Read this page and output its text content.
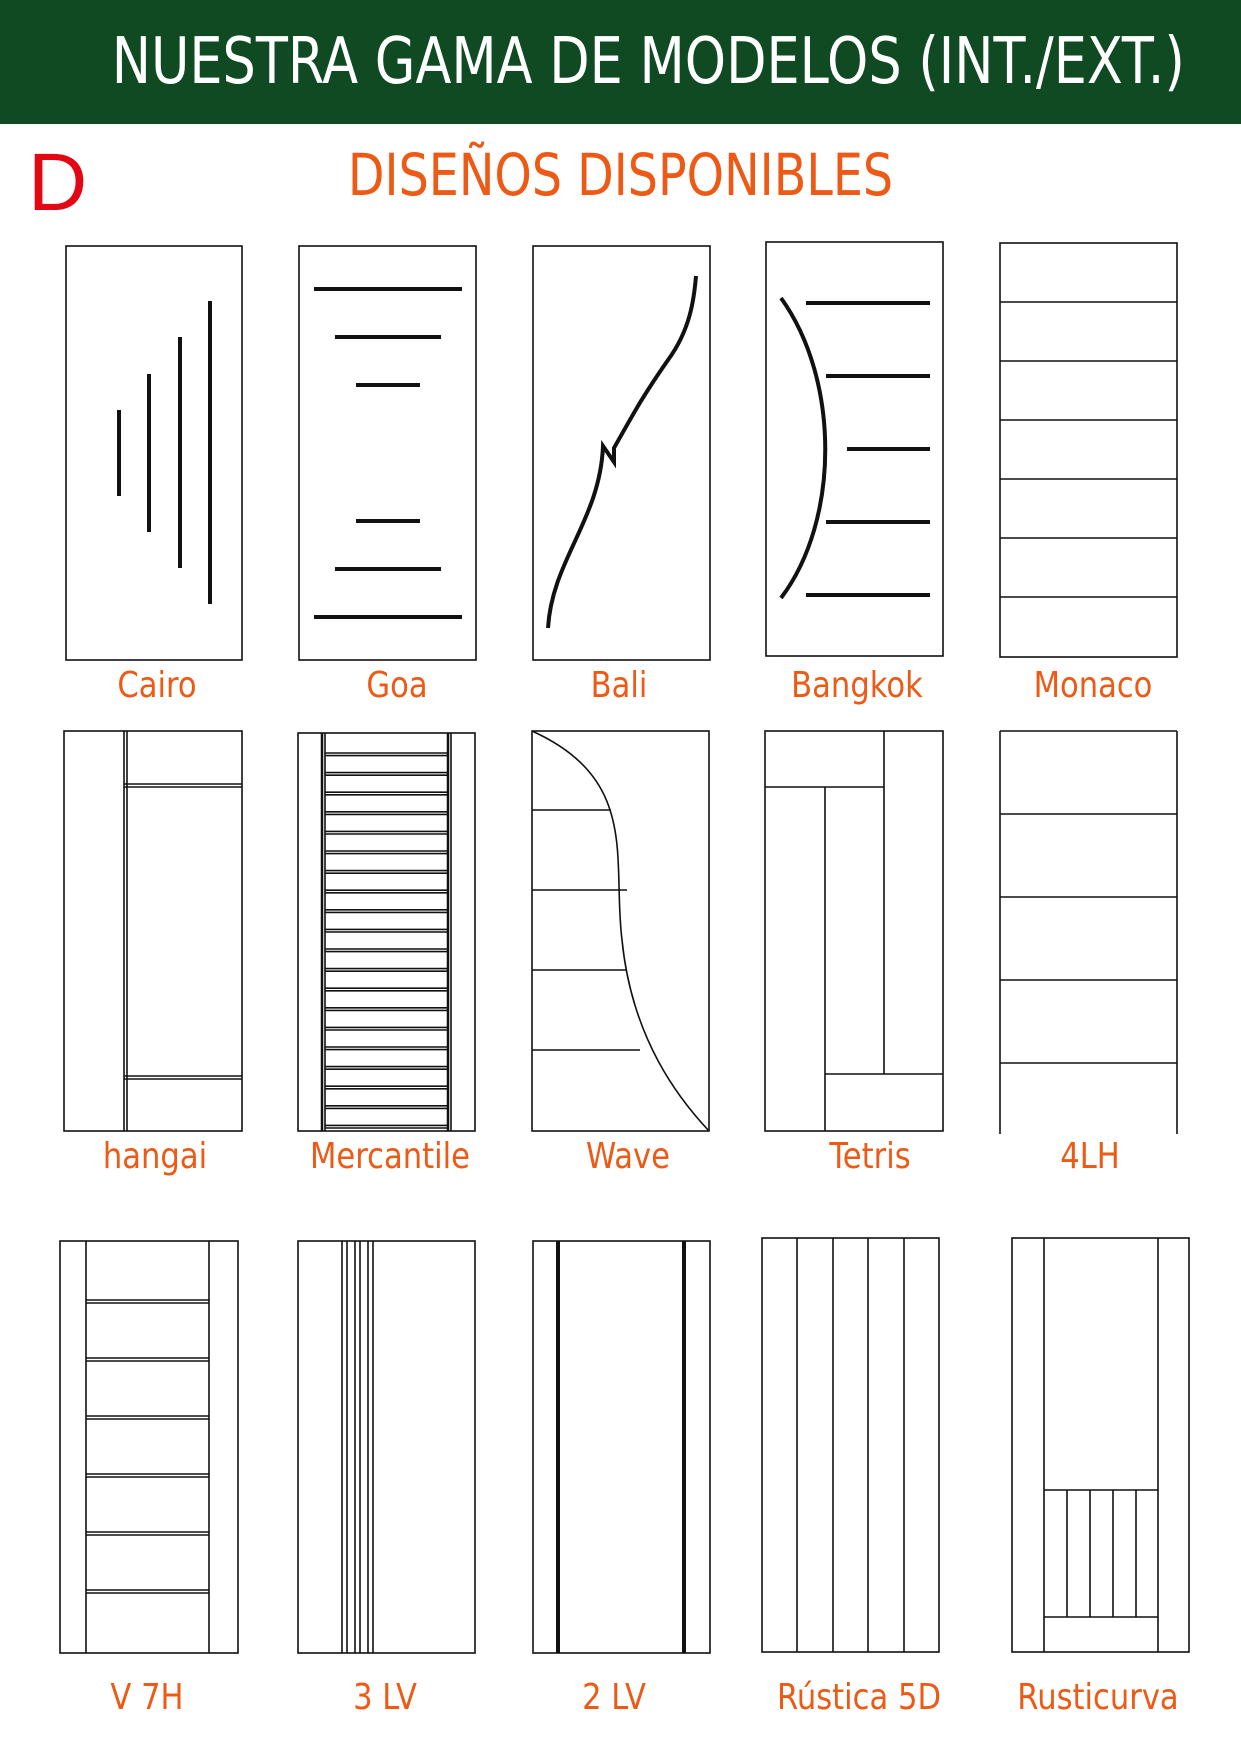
NUESTRA GAMA DE MODELOS (INT./EXT.)
D	DISEÑOS DISPONIBLES
Cairo	Goa	Bali	Bangkok	Monaco
hangai	Mercantile	Wave	Tetris	4LH
V 7H	3 LV	2 LV	Rústica 5D	Rusticurva
